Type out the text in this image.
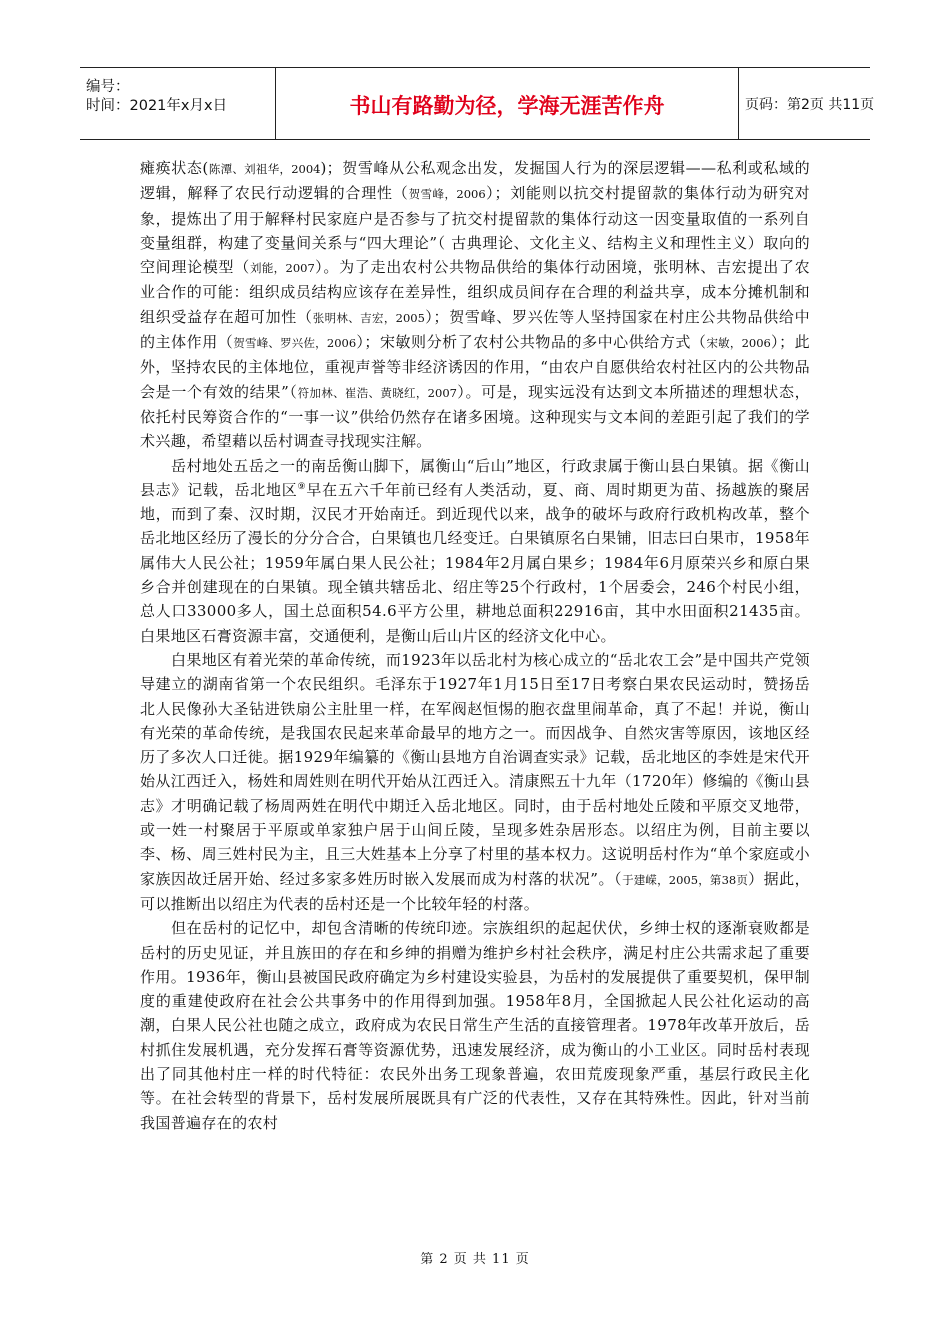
编号：
时间：2021年x月x日	书山有路勤为径，学海无涯苦作舟	页码：第2页 共11页

瘫痪状态(陈潭、刘祖华，2004)；贺雪峰从公私观念出发，发掘国人行为的深层逻辑——私利或私域的逻辑，解释了农民行动逻辑的合理性（贺雪峰，2006）；刘能则以抗交村提留款的集体行动为研究对象，提炼出了用于解释村民家庭户是否参与了抗交村提留款的集体行动这一因变量取值的一系列自变量组群，构建了变量间关系与“四大理论”（ 古典理论、文化主义、结构主义和理性主义）取向的空间理论模型（刘能，2007）。为了走出农村公共物品供给的集体行动困境，张明林、吉宏提出了农业合作的可能：组织成员结构应该存在差异性，组织成员间存在合理的利益共享，成本分摊机制和组织受益存在超可加性（张明林、吉宏，2005）；贺雪峰、罗兴佐等人坚持国家在村庄公共物品供给中的主体作用（贺雪峰、罗兴佐，2006）；宋敏则分析了农村公共物品的多中心供给方式（宋敏，2006）；此外，坚持农民的主体地位，重视声誉等非经济诱因的作用，“由农户自愿供给农村社区内的公共物品会是一个有效的结果”（符加林、崔浩、黄晓红，2007）。可是，现实远没有达到文本所描述的理想状态，依托村民筹资合作的“一事一议”供给仍然存在诸多困境。这种现实与文本间的差距引起了我们的学术兴趣，希望藉以岳村调查寻找现实注解。

岳村地处五岳之一的南岳衡山脚下，属衡山“后山”地区，行政隶属于衡山县白果镇。据《衡山县志》记载，岳北地区⑨早在五六千年前已经有人类活动，夏、商、周时期更为苗、扬越族的聚居地，而到了秦、汉时期，汉民才开始南迁。到近现代以来，战争的破坏与政府行政机构改革，整个岳北地区经历了漫长的分分合合，白果镇也几经变迁。白果镇原名白果铺，旧志曰白果市，1958年属伟大人民公社；1959年属白果人民公社；1984年2月属白果乡；1984年6月原荣兴乡和原白果乡合并创建现在的白果镇。现全镇共辖岳北、绍庄等25个行政村，1个居委会，246个村民小组，总人口33000多人，国土总面积54.6平方公里，耕地总面积22916亩，其中水田面积21435亩。白果地区石膏资源丰富，交通便利，是衡山后山片区的经济文化中心。

白果地区有着光荣的革命传统，而1923年以岳北村为核心成立的“岳北农工会”是中国共产党领导建立的湖南省第一个农民组织。毛泽东于1927年1月15日至17日考察白果农民运动时，赞扬岳北人民像孙大圣钻进铁扇公主肚里一样，在军阀赵恒惕的胞衣盘里闹革命，真了不起！并说，衡山有光荣的革命传统，是我国农民起来革命最早的地方之一。而因战争、自然灾害等原因，该地区经历了多次人口迁徙。据1929年编纂的《衡山县地方自治调查实录》记载，岳北地区的李姓是宋代开始从江西迁入，杨姓和周姓则在明代开始从江西迁入。清康熙五十九年（1720年）修编的《衡山县志》才明确记载了杨周两姓在明代中期迁入岳北地区。同时，由于岳村地处丘陵和平原交叉地带，或一姓一村聚居于平原或单家独户居于山间丘陵，呈现多姓杂居形态。以绍庄为例，目前主要以李、杨、周三姓村民为主，且三大姓基本上分享了村里的基本权力。这说明岳村作为“单个家庭或小家族因故迁居开始、经过多家多姓历时嵌入发展而成为村落的状况”。（于建嵘，2005，第38页）据此，可以推断出以绍庄为代表的岳村还是一个比较年轻的村落。

但在岳村的记忆中，却包含清晰的传统印迹。宗族组织的起起伏伏，乡绅士权的逐渐衰败都是岳村的历史见证，并且族田的存在和乡绅的捐赠为维护乡村社会秩序，满足村庄公共需求起了重要作用。1936年，衡山县被国民政府确定为乡村建设实验县，为岳村的发展提供了重要契机，保甲制度的重建使政府在社会公共事务中的作用得到加强。1958年8月，全国掀起人民公社化运动的高潮，白果人民公社也随之成立，政府成为农民日常生产生活的直接管理者。1978年改革开放后，岳村抓住发展机遇，充分发挥石膏等资源优势，迅速发展经济，成为衡山的小工业区。同时岳村表现出了同其他村庄一样的时代特征：农民外出务工现象普遍，农田荒废现象严重，基层行政民主化等。在社会转型的背景下，岳村发展所展既具有广泛的代表性，又存在其特殊性。因此，针对当前我国普遍存在的农村

第 2 页 共 11 页
